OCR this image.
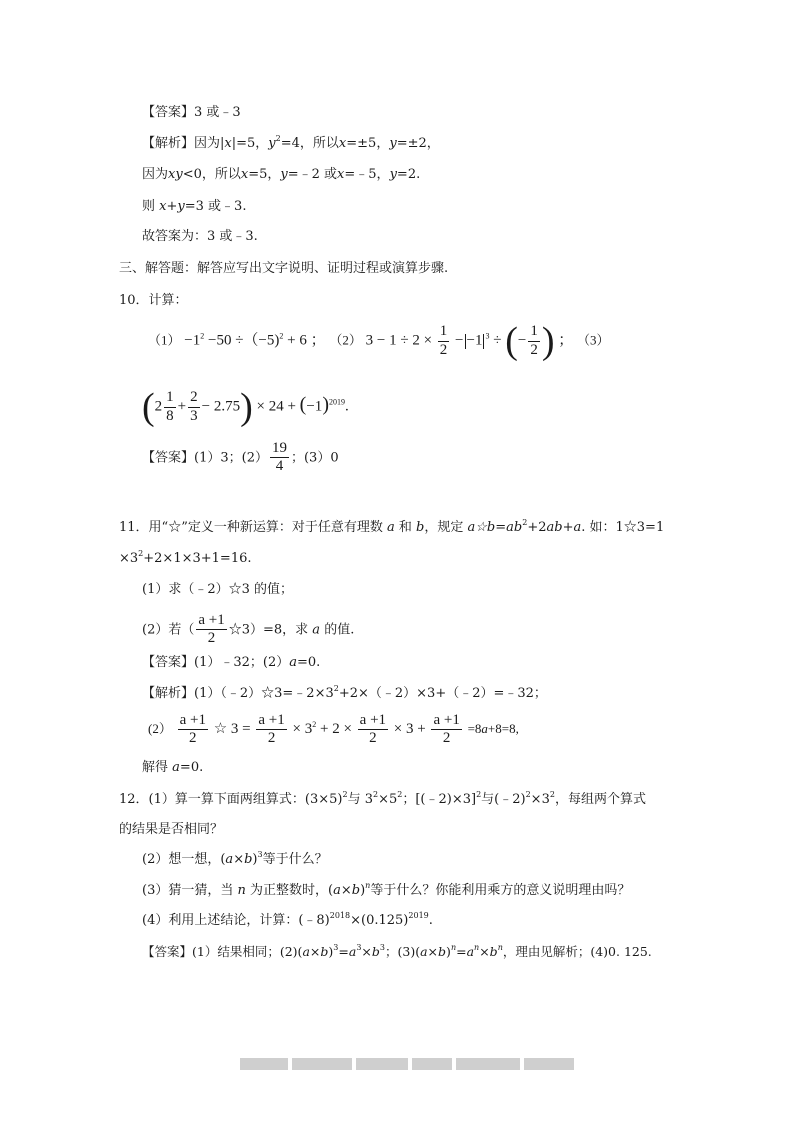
【答案】3 或﹣3
【解析】因为|x|=5，$y^2=4$，所以x=±5，y=±2，
因为xy<0，所以x=5，y=﹣2 或x=﹣5，y=2.
则 x+y=3 或﹣3.
故答案为：3 或﹣3.
三、解答题：解答应写出文字说明、证明过程或演算步骤.
10．计算：
$(1) -1^2 -50 \div(-5)^2 + 6$ ； （2） $3 - 1 \div 2 \times \frac{1}{2} - -1$ $^3$ ÷ (− $\frac{1}{2}$ ) ； （3）
$(2 \frac{1}{8} + \frac{2}{3} - 2.75) \times 24 + (-1)^{2019}$.
【答案】(1）3；$(2) \frac{19}{4}$ ；(3）0
11．用“☆”定义一种新运算：对于任意有理数 a 和 b，规定 $a☆b=ab^2+2ab+a$. 如：1☆3=1
$\times 3^2+2\times 1\times 3+1=16$.
(1）求（﹣2）☆3 的值；
(2）若（ $\frac{a +1}{2}$ ☆3）=8，求 a 的值.
【答案】(1）﹣32；(2）a=0.
【解析】$(1)(﹣2)☆3=﹣2\times 3^2+2\times(﹣2)\times 3+(﹣2)=﹣32$；
$(2) \frac{a +1}{2}$ ☆ $3 = \frac{a +1}{2} \times 3^2 + 2 \times \frac{a +1}{2} \times 3 + \frac{a +1}{2} =8a+8=8$,
解得 a=0.
12．(1）算一算下面两组算式：$(3\times 5)^2$与 $3^2\times 5^2$；[(﹣2)×3]$^2$与$(﹣2)^2\times 3^2$，每组两个算式
的结果是否相同？
(2）想一想，$(a\times b)^3$等于什么？
(3）猜一猜，当 n 为正整数时，$(a\times b)^n$等于什么？你能利用乘方的意义说明理由吗？
(4）利用上述结论，计算：$(﹣8)^{2018}\times(0.125)^{2019}$.
【答案】(1）结果相同；$(2)(a\times b)^3=a^3\times b^3$；$(3)(a\times b)^n=a^n\times b^n$，理由见解析；(4)0. 125.
